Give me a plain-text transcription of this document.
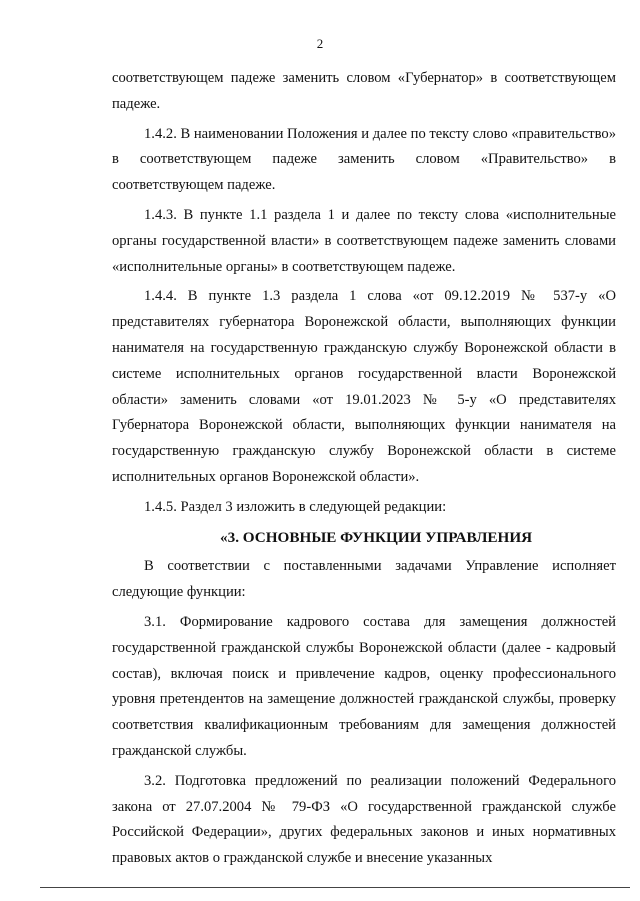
2

соответствующем падеже заменить словом «Губернатор» в соответствующем падеже.

1.4.2. В наименовании Положения и далее по тексту слово «правительство» в соответствующем падеже заменить словом «Правительство» в соответствующем падеже.

1.4.3. В пункте 1.1 раздела 1 и далее по тексту слова «исполнительные органы государственной власти» в соответствующем падеже заменить словами «исполнительные органы» в соответствующем падеже.

1.4.4. В пункте 1.3 раздела 1 слова «от 09.12.2019 № 537-у «О представителях губернатора Воронежской области, выполняющих функции нанимателя на государственную гражданскую службу Воронежской области в системе исполнительных органов государственной власти Воронежской области» заменить словами «от 19.01.2023 № 5-у «О представителях Губернатора Воронежской области, выполняющих функции нанимателя на государственную гражданскую службу Воронежской области в системе исполнительных органов Воронежской области».

1.4.5. Раздел 3 изложить в следующей редакции:

«3. ОСНОВНЫЕ ФУНКЦИИ УПРАВЛЕНИЯ

В соответствии с поставленными задачами Управление исполняет следующие функции:

3.1. Формирование кадрового состава для замещения должностей государственной гражданской службы Воронежской области (далее - кадровый состав), включая поиск и привлечение кадров, оценку профессионального уровня претендентов на замещение должностей гражданской службы, проверку соответствия квалификационным требованиям для замещения должностей гражданской службы.

3.2. Подготовка предложений по реализации положений Федерального закона от 27.07.2004 № 79-ФЗ «О государственной гражданской службе Российской Федерации», других федеральных законов и иных нормативных правовых актов о гражданской службе и внесение указанных
